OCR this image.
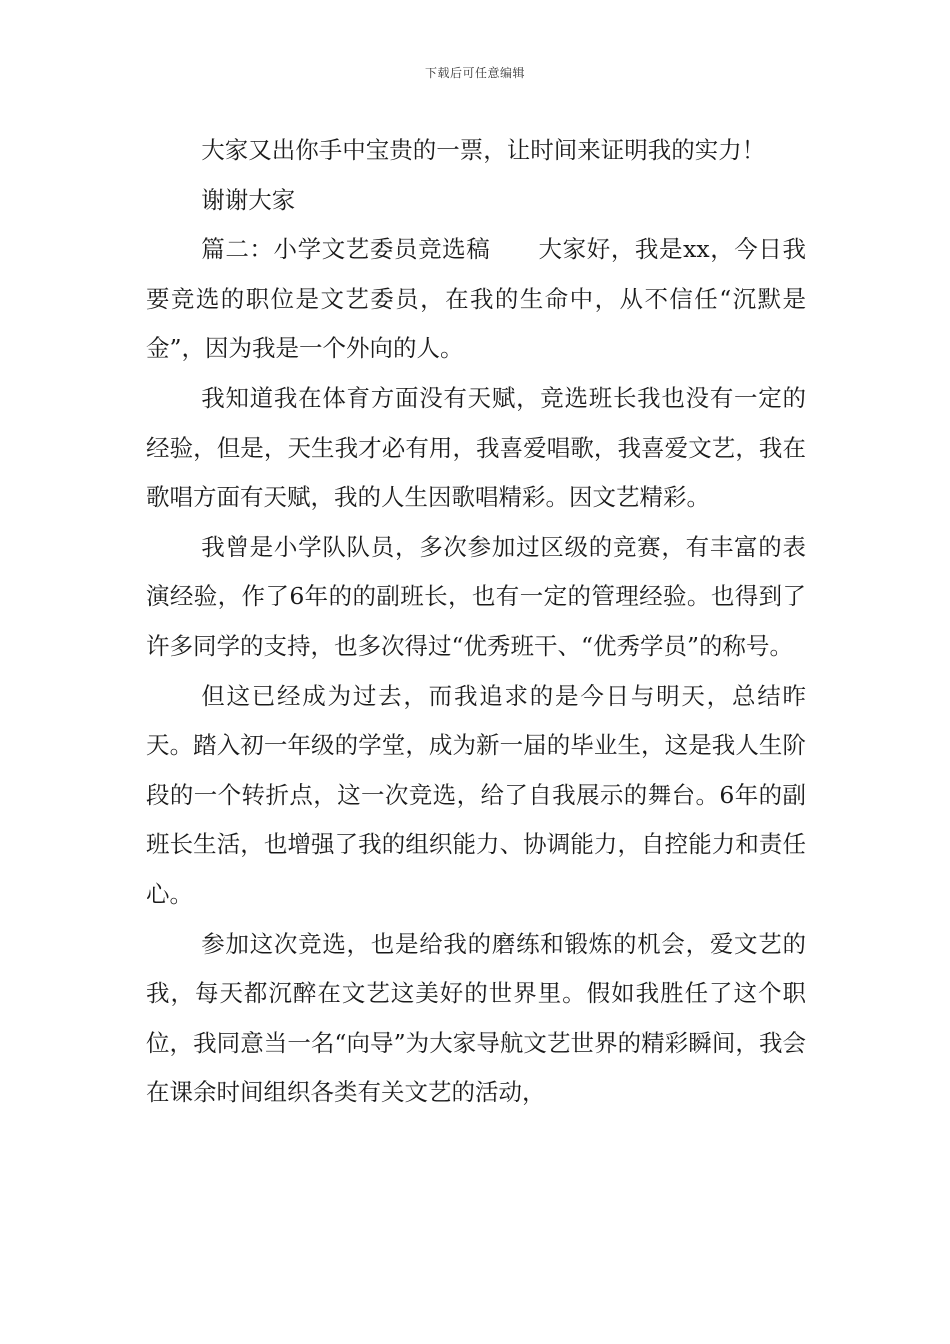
下载后可任意编辑

大家又出你手中宝贵的一票，让时间来证明我的实力！

谢谢大家

篇二：小学文艺委员竞选稿　　大家好，我是xx，今日我要竞选的职位是文艺委员，在我的生命中，从不信任“沉默是金”，因为我是一个外向的人。

我知道我在体育方面没有天赋，竞选班长我也没有一定的经验，但是，天生我才必有用，我喜爱唱歌，我喜爱文艺，我在歌唱方面有天赋，我的人生因歌唱精彩。因文艺精彩。

我曾是小学队队员，多次参加过区级的竞赛，有丰富的表演经验，作了6年的的副班长，也有一定的管理经验。也得到了许多同学的支持，也多次得过“优秀班干、“优秀学员”的称号。

但这已经成为过去，而我追求的是今日与明天，总结昨天。踏入初一年级的学堂，成为新一届的毕业生，这是我人生阶段的一个转折点，这一次竞选，给了自我展示的舞台。6年的副班长生活，也增强了我的组织能力、协调能力，自控能力和责任心。

参加这次竞选，也是给我的磨练和锻炼的机会，爱文艺的我，每天都沉醉在文艺这美好的世界里。假如我胜任了这个职位，我同意当一名“向导”为大家导航文艺世界的精彩瞬间，我会在课余时间组织各类有关文艺的活动，
